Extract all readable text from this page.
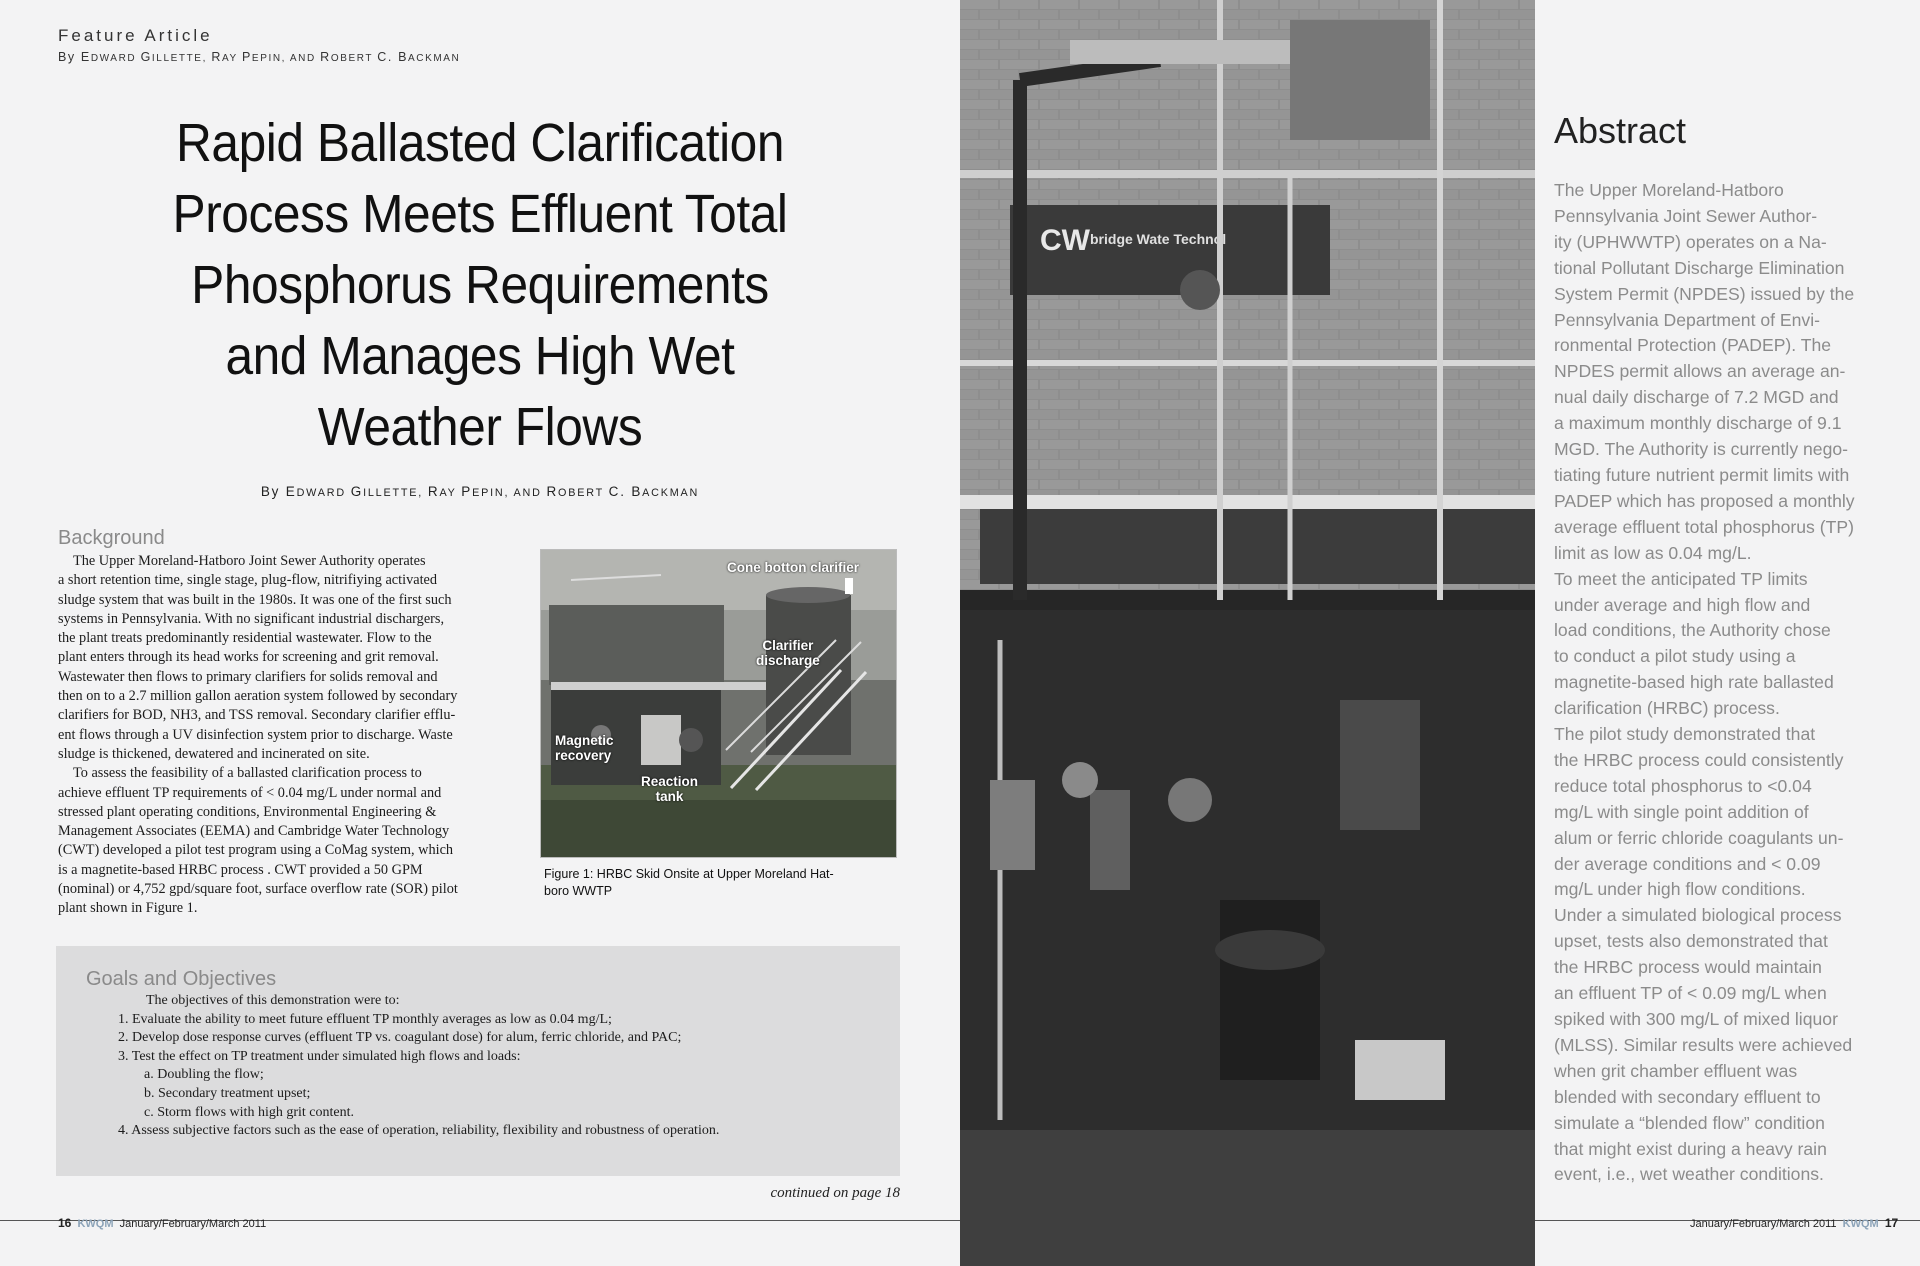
Feature Article
By EDWARD GILLETTE, RAY PEPIN, AND ROBERT C. BACKMAN
Rapid Ballasted Clarification
Process Meets Effluent Total
Phosphorus Requirements
and Manages High Wet
Weather Flows
By EDWARD GILLETTE, RAY PEPIN, AND ROBERT C. BACKMAN
Background

The Upper Moreland-Hatboro Joint Sewer Authority operates
a short retention time, single stage, plug-flow, nitrifiying activated
sludge system that was built in the 1980s. It was one of the first such
systems in Pennsylvania. With no significant industrial dischargers,
the plant treats predominantly residential wastewater. Flow to the
plant enters through its head works for screening and grit removal.
Wastewater then flows to primary clarifiers for solids removal and
then on to a 2.7 million gallon aeration system followed by secondary
clarifiers for BOD, NH3, and TSS removal. Secondary clarifier efflu-
ent flows through a UV disinfection system prior to discharge. Waste
sludge is thickened, dewatered and incinerated on site.

To assess the feasibility of a ballasted clarification process to
achieve effluent TP requirements of < 0.04 mg/L under normal and
stressed plant operating conditions, Environmental Engineering &
Management Associates (EEMA) and Cambridge Water Technology
(CWT) developed a pilot test program using a CoMag system, which
is a magnetite-based HRBC process . CWT provided a 50 GPM
(nominal) or 4,752 gpd/square foot, surface overflow rate (SOR) pilot
plant shown in Figure 1.

Cone botton clarifier
Clarifier
discharge
Magnetic
recovery
Reaction
tank
Figure 1: HRBC Skid Onsite at Upper Moreland Hat-
boro WWTP
Goals and Objectives
The objectives of this demonstration were to:
1. Evaluate the ability to meet future effluent TP monthly averages as low as 0.04 mg/L;
2. Develop dose response curves (effluent TP vs. coagulant dose) for alum, ferric chloride, and PAC;
3. Test the effect on TP treatment under simulated high flows and loads:
a. Doubling the flow;
b. Secondary treatment upset;
c. Storm flows with high grit content.
4. Assess subjective factors such as the ease of operation, reliability, flexibility and robustness of operation.
continued on page 18
16 KWQM January/February/March 2011
CW bridge Wate Technol
Abstract
The Upper Moreland-Hatboro
Pennsylvania Joint Sewer Author-
ity (UPHWWTP) operates on a Na-
tional Pollutant Discharge Elimination
System Permit (NPDES) issued by the
Pennsylvania Department of Envi-
ronmental Protection (PADEP). The
NPDES permit allows an average an-
nual daily discharge of 7.2 MGD and
a maximum monthly discharge of 9.1
MGD. The Authority is currently nego-
tiating future nutrient permit limits with
PADEP which has proposed a monthly
average effluent total phosphorus (TP)
limit as low as 0.04 mg/L.
To meet the anticipated TP limits
under average and high flow and
load conditions, the Authority chose
to conduct a pilot study using a
magnetite-based high rate ballasted
clarification (HRBC) process.
The pilot study demonstrated that
the HRBC process could consistently
reduce total phosphorus to <0.04
mg/L with single point addition of
alum or ferric chloride coagulants un-
der average conditions and < 0.09
mg/L under high flow conditions.
Under a simulated biological process
upset, tests also demonstrated that
the HRBC process would maintain
an effluent TP of < 0.09 mg/L when
spiked with 300 mg/L of mixed liquor
(MLSS). Similar results were achieved
when grit chamber effluent was
blended with secondary effluent to
simulate a “blended flow” condition
that might exist during a heavy rain
event, i.e., wet weather conditions.
January/February/March 2011 KWQM 17
